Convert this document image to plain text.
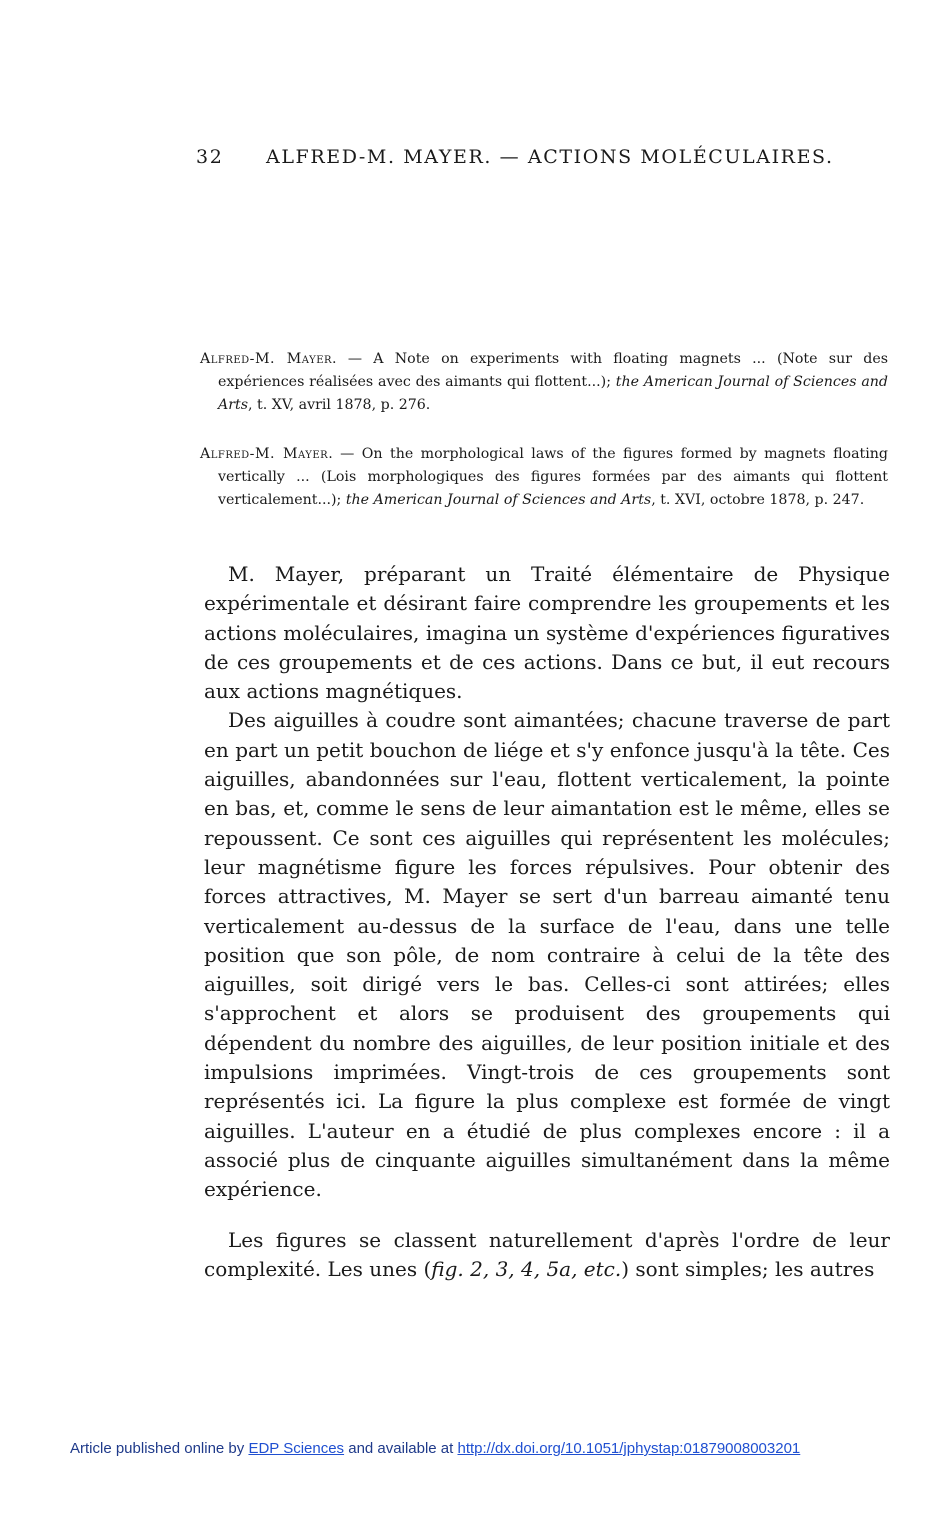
32 ALFRED-M. MAYER. — ACTIONS MOLÉCULAIRES.
Alfred-M. Mayer. — A Note on experiments with floating magnets ... (Note sur des expériences réalisées avec des aimants qui flottent...); the American Journal of Sciences and Arts, t. XV, avril 1878, p. 276.
Alfred-M. Mayer. — On the morphological laws of the figures formed by magnets floating vertically ... (Lois morphologiques des figures formées par des aimants qui flottent verticalement...); the American Journal of Sciences and Arts, t. XVI, octobre 1878, p. 247.

M. Mayer, préparant un Traité élémentaire de Physique expérimentale et désirant faire comprendre les groupements et les actions moléculaires, imagina un système d'expériences figuratives de ces groupements et de ces actions. Dans ce but, il eut recours aux actions magnétiques.

Des aiguilles à coudre sont aimantées; chacune traverse de part en part un petit bouchon de liége et s'y enfonce jusqu'à la tête. Ces aiguilles, abandonnées sur l'eau, flottent verticalement, la pointe en bas, et, comme le sens de leur aimantation est le même, elles se repoussent. Ce sont ces aiguilles qui représentent les molécules; leur magnétisme figure les forces répulsives. Pour obtenir des forces attractives, M. Mayer se sert d'un barreau aimanté tenu verticalement au-dessus de la surface de l'eau, dans une telle position que son pôle, de nom contraire à celui de la tête des aiguilles, soit dirigé vers le bas. Celles-ci sont attirées; elles s'approchent et alors se produisent des groupements qui dépendent du nombre des aiguilles, de leur position initiale et des impulsions imprimées. Vingt-trois de ces groupements sont représentés ici. La figure la plus complexe est formée de vingt aiguilles. L'auteur en a étudié de plus complexes encore : il a associé plus de cinquante aiguilles simultanément dans la même expérience.

Les figures se classent naturellement d'après l'ordre de leur complexité. Les unes (fig. 2, 3, 4, 5a, etc.) sont simples; les autres

Article published online by EDP Sciences and available at http://dx.doi.org/10.1051/jphystap:01879008003201
